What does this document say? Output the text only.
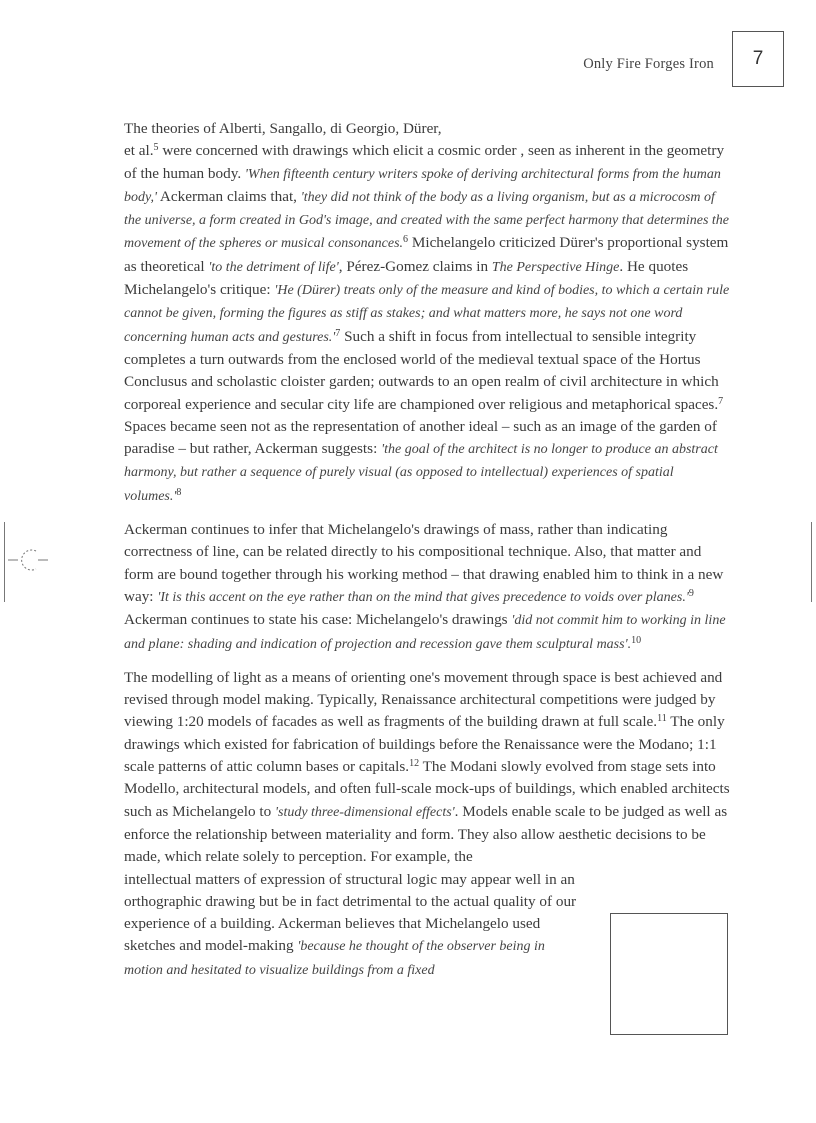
Only Fire Forges Iron	7

The theories of Alberti, Sangallo, di Georgio, Dürer,
et al.$^5$ were concerned with drawings which elicit a cosmic order , seen as inherent in the geometry of the human body. 'When fifteenth century writers spoke of deriving architectural forms from the human body,' Ackerman claims that, 'they did not think of the body as a living organism, but as a microcosm of the universe, a form created in God's image, and created with the same perfect harmony that determines the movement of the spheres or musical consonances.$^6$ Michelangelo criticized Dürer's proportional system as theoretical 'to the detriment of life', Pérez-Gomez claims in The Perspective Hinge. He quotes Michelangelo's critique: 'He (Dürer) treats only of the measure and kind of bodies, to which a certain rule cannot be given, forming the figures as stiff as stakes; and what matters more, he says not one word concerning human acts and $gestures.'^7$ Such a shift in focus from intellectual to sensible integrity completes a turn outwards from the enclosed world of the medieval textual space of the Hortus Conclusus and scholastic cloister garden; outwards to an open realm of civil architecture in which corporeal experience and secular city life are championed over religious and metaphorical spaces.$^7$ Spaces became seen not as the representation of another ideal – such as an image of the garden of paradise – but rather, Ackerman suggests: 'the goal of the architect is no longer to produce an abstract harmony, but rather a sequence of purely visual (as opposed to intellectual) experiences of spatial $volumes.'^8$

Ackerman continues to infer that Michelangelo's drawings of mass, rather than indicating correctness of line, can be related directly to his compositional technique. Also, that matter and form are bound together through his working method – that drawing enabled him to think in a new way: 'It is this accent on the eye rather than on the mind that gives precedence to voids over $planes.'^9$ Ackerman continues to state his case: Michelangelo's drawings 'did not commit him to working in line and plane: shading and indication of projection and recession gave them sculptural mass'.$^{10}$

The modelling of light as a means of orienting one's movement through space is best achieved and revised through model making. Typically, Renaissance architectural competitions were judged by viewing 1:20 models of facades as well as fragments of the building drawn at full scale.$^{11}$ The only drawings which existed for fabrication of buildings before the Renaissance were the Modano; 1:1 scale patterns of attic column bases or capitals.$^{12}$ The Modani slowly evolved from stage sets into Modello, architectural models, and often full-scale mock-ups of buildings, which enabled architects such as Michelangelo to 'study three-dimensional effects'. Models enable scale to be judged as well as enforce the relationship between materiality and form. They also allow aesthetic decisions to be made, which relate solely to perception. For example, the

intellectual matters of expression of structural logic may appear well in an orthographic drawing but be in fact detrimental to the actual quality of our experience of a building. Ackerman believes that Michelangelo used sketches and model-making 'because he thought of the observer being in motion and hesitated to visualize buildings from a fixed
